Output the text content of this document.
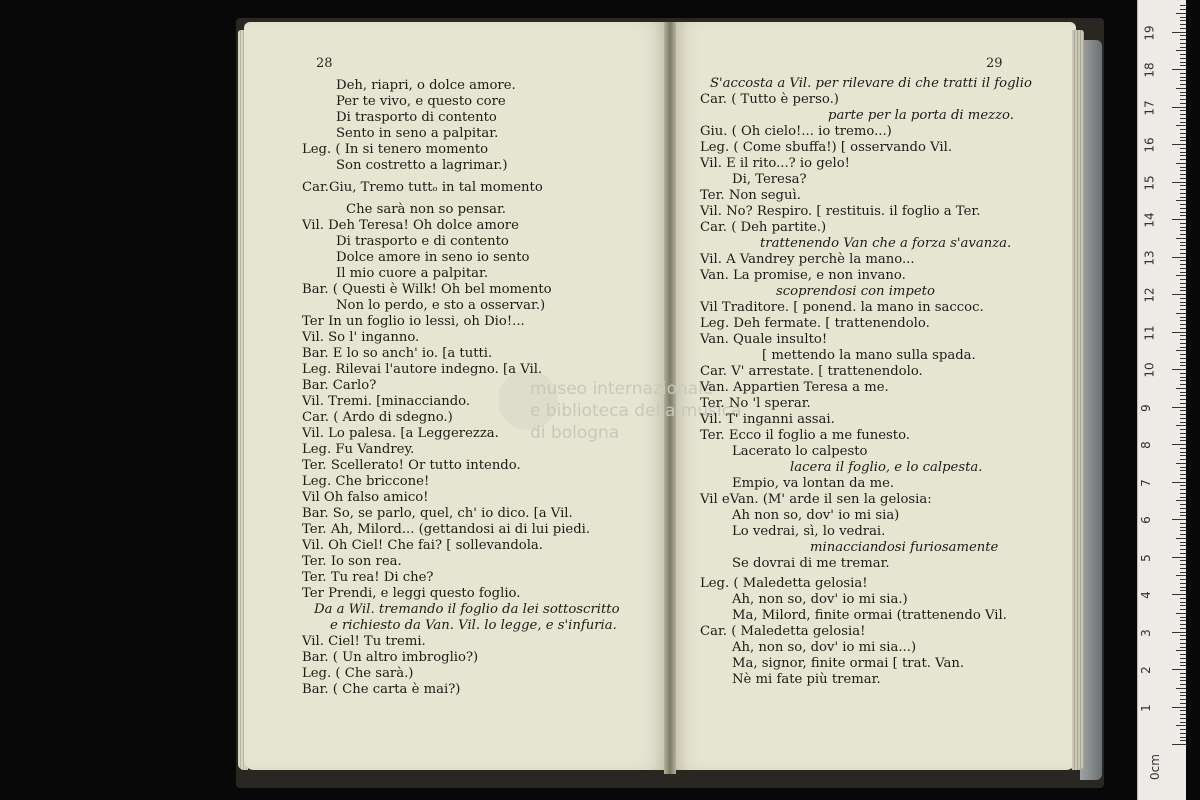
museo internazionale
e biblioteca della musica
di bologna
28	29
Deh, riapri, o dolce amore.
Per te vivo, e questo core
Di trasporto di contento
Sento in seno a palpitar.
Leg. ( In si tenero momento
Son costretto a lagrimar.)
Car.Giu, Tremo tuttₒ in tal momento
Che sarà non so pensar.
Vil. Deh Teresa! Oh dolce amore
Di trasporto e di contento
Dolce amore in seno io sento
Il mio cuore a palpitar.
Bar. ( Questi è Wilk! Oh bel momento
Non lo perdo, e sto a osservar.)
Ter In un foglio io lessi, oh Dio!...
Vil. So l' inganno.
Bar. E lo so anch' io. [a tutti.
Leg. Rilevai l'autore indegno. [a Vil.
Bar. Carlo?
Vil. Tremi. [minacciando.
Car. ( Ardo di sdegno.)
Vil. Lo palesa. [a Leggerezza.
Leg. Fu Vandrey.
Ter. Scellerato! Or tutto intendo.
Leg. Che briccone!
Vil Oh falso amico!
Bar. So, se parlo, quel, ch' io dico. [a Vil.
Ter. Ah, Milord... (gettandosi ai di lui piedi.
Vil. Oh Ciel! Che fai? [ sollevandola.
Ter. Io son rea.
Ter. Tu rea! Di che?
Ter Prendi, e leggi questo foglio.
Da a Wil. tremando il foglio da lei sottoscritto
e richiesto da Van. Vil. lo legge, e s'infuria.
Vil. Ciel! Tu tremi.
Bar. ( Un altro imbroglio?)
Leg. ( Che sarà.)
Bar. ( Che carta è mai?)
S'accosta a Vil. per rilevare di che tratti il foglio
Car. ( Tutto è perso.)
parte per la porta di mezzo.
Giu. ( Oh cielo!... io tremo...)
Leg. ( Come sbuffa!) [ osservando Vil.
Vil. E il rito...? io gelo!
Di, Teresa?
Ter. Non seguì.
Vil. No? Respiro. [ restituis. il foglio a Ter.
Car. ( Deh partite.)
trattenendo Van che a forza s'avanza.
Vil. A Vandrey perchè la mano...
Van. La promise, e non invano.
scoprendosi con impeto
Vil Traditore. [ ponend. la mano in saccoc.
Leg. Deh fermate. [ trattenendolo.
Van. Quale insulto!
[ mettendo la mano sulla spada.
Car. V' arrestate. [ trattenendolo.
Van. Appartien Teresa a me.
Ter. No 'l sperar.
Vil. T' inganni assai.
Ter. Ecco il foglio a me funesto.
Lacerato lo calpesto
lacera il foglio, e lo calpesta.
Empio, va lontan da me.
Vil eVan. (M' arde il sen la gelosia:
Ah non so, dov' io mi sia)
Lo vedrai, sì, lo vedrai.
minacciandosi furiosamente
Se dovrai di me tremar.
Leg. ( Maledetta gelosia!
Ah, non so, dov' io mi sia.)
Ma, Milord, finite ormai (trattenendo Vil.
Car. ( Maledetta gelosia!
Ah, non so, dov' io mi sia...)
Ma, signor, finite ormai [ trat. Van.
Nè mi fate più tremar.
0cm
1
2
3
4
5
6
7
8
9
10
11
12
13
14
15
16
17
18
19
